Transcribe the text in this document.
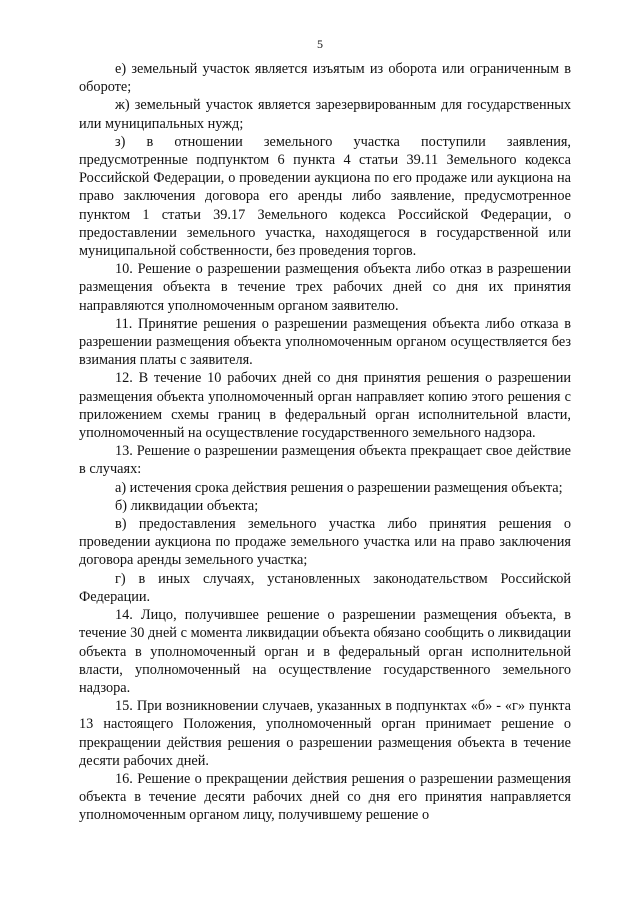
5

е) земельный участок является изъятым из оборота или ограниченным в обороте;

ж) земельный участок является зарезервированным для государственных или муниципальных нужд;

з) в отношении земельного участка поступили заявления, предусмотренные подпунктом 6 пункта 4 статьи 39.11 Земельного кодекса Российской Федерации, о проведении аукциона по его продаже или аукциона на право заключения договора его аренды либо заявление, предусмотренное пунктом 1 статьи 39.17 Земельного кодекса Российской Федерации, о предоставлении земельного участка, находящегося в государственной или муниципальной собственности, без проведения торгов.

10. Решение о разрешении размещения объекта либо отказ в разрешении размещения объекта в течение трех рабочих дней со дня их принятия направляются уполномоченным органом заявителю.

11. Принятие решения о разрешении размещения объекта либо отказа в разрешении размещения объекта уполномоченным органом осуществляется без взимания платы с заявителя.

12. В течение 10 рабочих дней со дня принятия решения о разрешении размещения объекта уполномоченный орган направляет копию этого решения с приложением схемы границ в федеральный орган исполнительной власти, уполномоченный на осуществление государственного земельного надзора.

13. Решение о разрешении размещения объекта прекращает свое действие в случаях:

а) истечения срока действия решения о разрешении размещения объекта;

б) ликвидации объекта;

в) предоставления земельного участка либо принятия решения о проведении аукциона по продаже земельного участка или на право заключения договора аренды земельного участка;

г) в иных случаях, установленных законодательством Российской Федерации.

14. Лицо, получившее решение о разрешении размещения объекта, в течение 30 дней с момента ликвидации объекта обязано сообщить о ликвидации объекта в уполномоченный орган и в федеральный орган исполнительной власти, уполномоченный на осуществление государственного земельного надзора.

15. При возникновении случаев, указанных в подпунктах «б» - «г» пункта 13 настоящего Положения, уполномоченный орган принимает решение о прекращении действия решения о разрешении размещения объекта в течение десяти рабочих дней.

16. Решение о прекращении действия решения о разрешении размещения объекта в течение десяти рабочих дней со дня его принятия направляется уполномоченным органом лицу, получившему решение о
